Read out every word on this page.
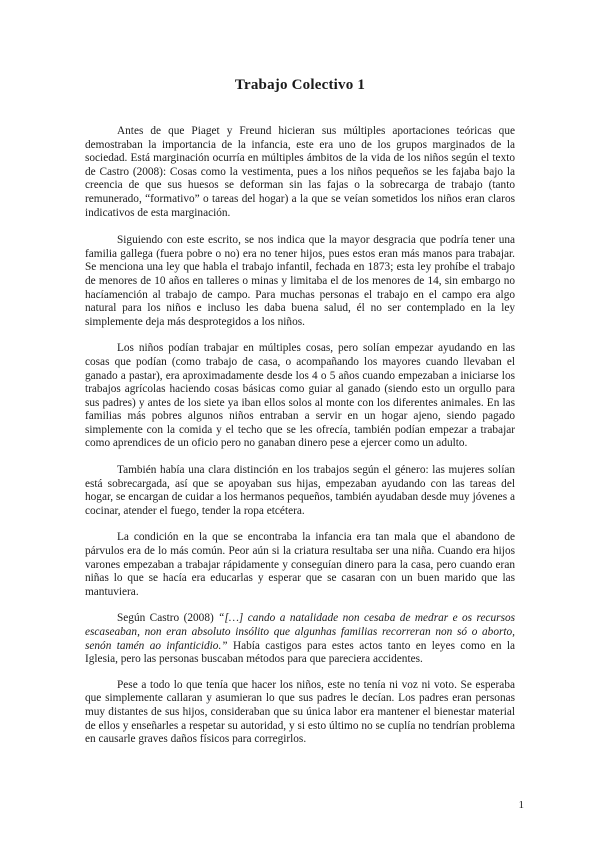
Trabajo Colectivo 1

Antes de que Piaget y Freund hicieran sus múltiples aportaciones teóricas que demostraban la importancia de la infancia, este era uno de los grupos marginados de la sociedad. Está marginación ocurría en múltiples ámbitos de la vida de los niños según el texto de Castro (2008): Cosas como la vestimenta, pues a los niños pequeños se les fajaba bajo la creencia de que sus huesos se deforman sin las fajas o la sobrecarga de trabajo (tanto remunerado, “formativo” o tareas del hogar) a la que se veían sometidos los niños eran claros indicativos de esta marginación.

Siguiendo con este escrito, se nos indica que la mayor desgracia que podría tener una familia gallega (fuera pobre o no) era no tener hijos, pues estos eran más manos para trabajar. Se menciona una ley que habla el trabajo infantil, fechada en 1873; esta ley prohíbe el trabajo de menores de 10 años en talleres o minas y limitaba el de los menores de 14, sin embargo no hacíamención al trabajo de campo. Para muchas personas el trabajo en el campo era algo natural para los niños e incluso les daba buena salud, él no ser contemplado en la ley simplemente deja más desprotegidos a los niños.

Los niños podían trabajar en múltiples cosas, pero solían empezar ayudando en las cosas que podían (como trabajo de casa, o acompañando los mayores cuando llevaban el ganado a pastar), era aproximadamente desde los 4 o 5 años cuando empezaban a iniciarse los trabajos agrícolas haciendo cosas básicas como guiar al ganado (siendo esto un orgullo para sus padres) y antes de los siete ya iban ellos solos al monte con los diferentes animales. En las familias más pobres algunos niños entraban a servir en un hogar ajeno, siendo pagado simplemente con la comida y el techo que se les ofrecía, también podían empezar a trabajar como aprendices de un oficio pero no ganaban dinero pese a ejercer como un adulto.

También había una clara distinción en los trabajos según el género: las mujeres solían está sobrecargada, así que se apoyaban sus hijas, empezaban ayudando con las tareas del hogar, se encargan de cuidar a los hermanos pequeños, también ayudaban desde muy jóvenes a cocinar, atender el fuego, tender la ropa etcétera.

La condición en la que se encontraba la infancia era tan mala que el abandono de párvulos era de lo más común. Peor aún si la criatura resultaba ser una niña. Cuando era hijos varones empezaban a trabajar rápidamente y conseguían dinero para la casa, pero cuando eran niñas lo que se hacía era educarlas y esperar que se casaran con un buen marido que las mantuviera.

Según Castro (2008) “[…] cando a natalidade non cesaba de medrar e os recursos escaseaban, non eran absoluto insólito que algunhas familias recorreran non só o aborto, senón tamén ao infanticidio.” Había castigos para estes actos tanto en leyes como en la Iglesia, pero las personas buscaban métodos para que pareciera accidentes.

Pese a todo lo que tenía que hacer los niños, este no tenía ni voz ni voto. Se esperaba que simplemente callaran y asumieran lo que sus padres le decían. Los padres eran personas muy distantes de sus hijos, consideraban que su única labor era mantener el bienestar material de ellos y enseñarles a respetar su autoridad, y si esto último no se cuplía no tendrían problema en causarle graves daños físicos para corregirlos.

1
